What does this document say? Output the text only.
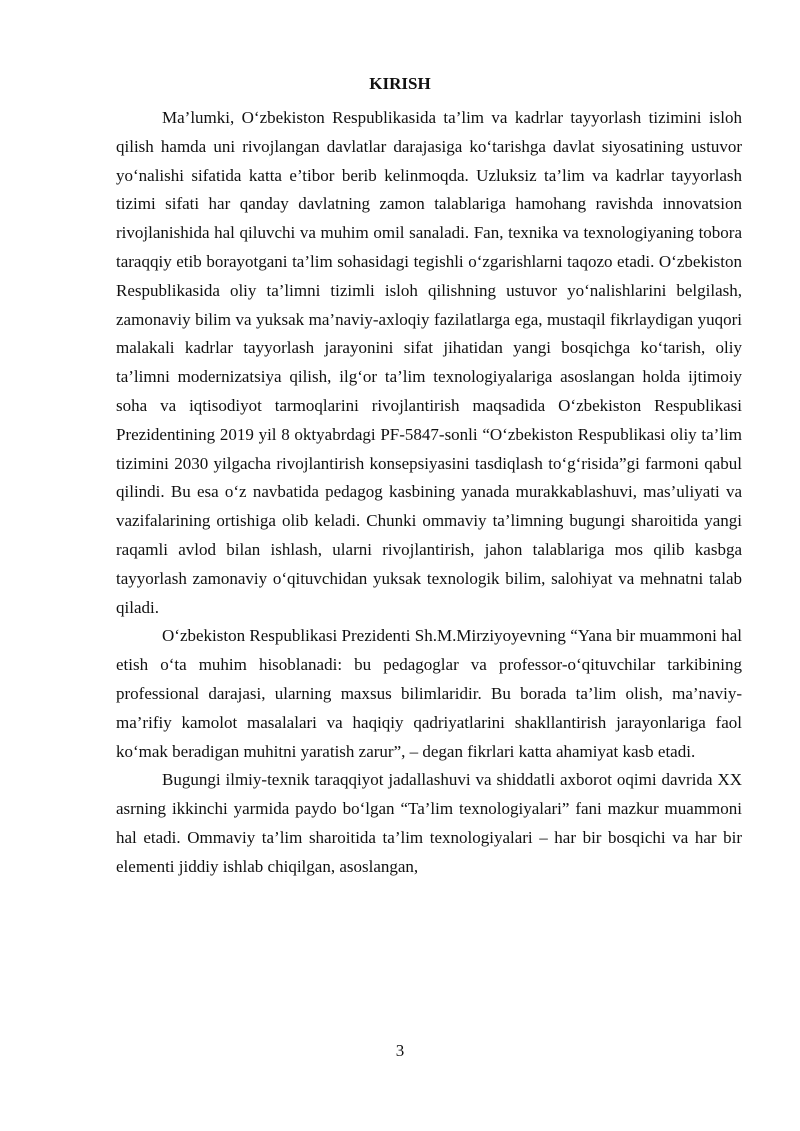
KIRISH

Ma’lumki, O‘zbekiston Respublikasida ta’lim va kadrlar tayyorlash tizimini isloh qilish hamda uni rivojlangan davlatlar darajasiga ko‘tarishga davlat siyosatining ustuvor yo‘nalishi sifatida katta e’tibor berib kelinmoqda. Uzluksiz ta’lim va kadrlar tayyorlash tizimi sifati har qanday davlatning zamon talablariga hamohang ravishda innovatsion rivojlanishida hal qiluvchi va muhim omil sanaladi. Fan, texnika va texnologiyaning tobora taraqqiy etib borayotgani ta’lim sohasidagi tegishli o‘zgarishlarni taqozo etadi. O‘zbekiston Respublikasida oliy ta’limni tizimli isloh qilishning ustuvor yo‘nalishlarini belgilash, zamonaviy bilim va yuksak ma’naviy-axloqiy fazilatlarga ega, mustaqil fikrlaydigan yuqori malakali kadrlar tayyorlash jarayonini sifat jihatidan yangi bosqichga ko‘tarish, oliy ta’limni modernizatsiya qilish, ilg‘or ta’lim texnologiyalariga asoslangan holda ijtimoiy soha va iqtisodiyot tarmoqlarini rivojlantirish maqsadida O‘zbekiston Respublikasi Prezidentining 2019 yil 8 oktyabrdagi PF-5847-sonli “O‘zbekiston Respublikasi oliy ta’lim tizimini 2030 yilgacha rivojlantirish konsepsiyasini tasdiqlash to‘g‘risida”gi farmoni qabul qilindi. Bu esa o‘z navbatida pedagog kasbining yanada murakkablashuvi, mas’uliyati va vazifalarining ortishiga olib keladi. Chunki ommaviy ta’limning bugungi sharoitida yangi raqamli avlod bilan ishlash, ularni rivojlantirish, jahon talablariga mos qilib kasbga tayyorlash zamonaviy o‘qituvchidan yuksak texnologik bilim, salohiyat va mehnatni talab qiladi.

O‘zbekiston Respublikasi Prezidenti Sh.M.Mirziyoyevning “Yana bir muammoni hal etish o‘ta muhim hisoblanadi: bu pedagoglar va professor-o‘qituvchilar tarkibining professional darajasi, ularning maxsus bilimlaridir. Bu borada ta’lim olish, ma’naviy-ma’rifiy kamolot masalalari va haqiqiy qadriyatlarini shakllantirish jarayonlariga faol ko‘mak beradigan muhitni yaratish zarur”, – degan fikrlari katta ahamiyat kasb etadi.

Bugungi ilmiy-texnik taraqqiyot jadallashuvi va shiddatli axborot oqimi davrida XX asrning ikkinchi yarmida paydo bo‘lgan “Ta’lim texnologiyalari” fani mazkur muammoni hal etadi. Ommaviy ta’lim sharoitida ta’lim texnologiyalari – har bir bosqichi va har bir elementi jiddiy ishlab chiqilgan, asoslangan,

3
